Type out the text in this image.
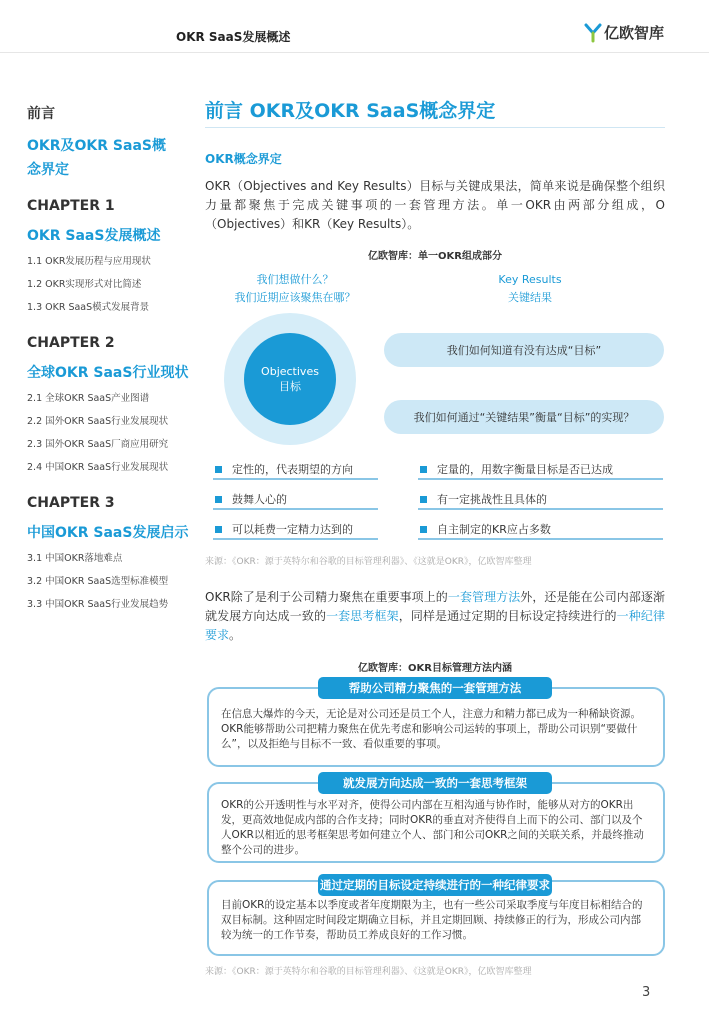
OKR SaaS发展概述	亿欧智库
前言
OKR及OKR SaaS概念界定
CHAPTER 1
OKR SaaS发展概述
1.1 OKR发展历程与应用现状
1.2 OKR实现形式对比简述
1.3 OKR SaaS模式发展背景
CHAPTER 2
全球OKR SaaS行业现状
2.1 全球OKR SaaS产业图谱
2.2 国外OKR SaaS行业发展现状
2.3 国外OKR SaaS厂商应用研究
2.4 中国OKR SaaS行业发展现状
CHAPTER 3
中国OKR SaaS发展启示
3.1 中国OKR落地难点
3.2 中国OKR SaaS选型标准模型
3.3 中国OKR SaaS行业发展趋势
前言 OKR及OKR SaaS概念界定
OKR概念界定
OKR（Objectives and Key Results）目标与关键成果法，简单来说是确保整个组织力量都聚焦于完成关键事项的一套管理方法。单一OKR由两部分组成，O（Objectives）和KR（Key Results）。
亿欧智库：单一OKR组成部分
我们想做什么？
我们近期应该聚焦在哪？
Key Results
关键结果
Objectives
目标
我们如何知道有没有达成“目标”
我们如何通过“关键结果”衡量“目标”的实现？
定性的，代表期望的方向
鼓舞人心的
可以耗费一定精力达到的
定量的，用数字衡量目标是否已达成
有一定挑战性且具体的
自主制定的KR应占多数
来源：《OKR：源于英特尔和谷歌的目标管理利器》、《这就是OKR》，亿欧智库整理
OKR除了是利于公司精力聚焦在重要事项上的一套管理方法外，还是能在公司内部逐渐就发展方向达成一致的一套思考框架，同样是通过定期的目标设定持续进行的一种纪律要求。
亿欧智库：OKR目标管理方法内涵
在信息大爆炸的今天，无论是对公司还是员工个人，注意力和精力都已成为一种稀缺资源。OKR能够帮助公司把精力聚焦在优先考虑和影响公司运转的事项上，帮助公司识别“要做什么”，以及拒绝与目标不一致、看似重要的事项。
帮助公司精力聚焦的一套管理方法
OKR的公开透明性与水平对齐，使得公司内部在互相沟通与协作时，能够从对方的OKR出发，更高效地促成内部的合作支持；同时OKR的垂直对齐使得自上而下的公司、部门以及个人OKR以相近的思考框架思考如何建立个人、部门和公司OKR之间的关联关系，并最终推动整个公司的进步。
就发展方向达成一致的一套思考框架
目前OKR的设定基本以季度或者年度期限为主，也有一些公司采取季度与年度目标相结合的双目标制。这种固定时间段定期确立目标，并且定期回顾、持续修正的行为，形成公司内部较为统一的工作节奏，帮助员工养成良好的工作习惯。
通过定期的目标设定持续进行的一种纪律要求
来源：《OKR：源于英特尔和谷歌的目标管理利器》、《这就是OKR》，亿欧智库整理
3
